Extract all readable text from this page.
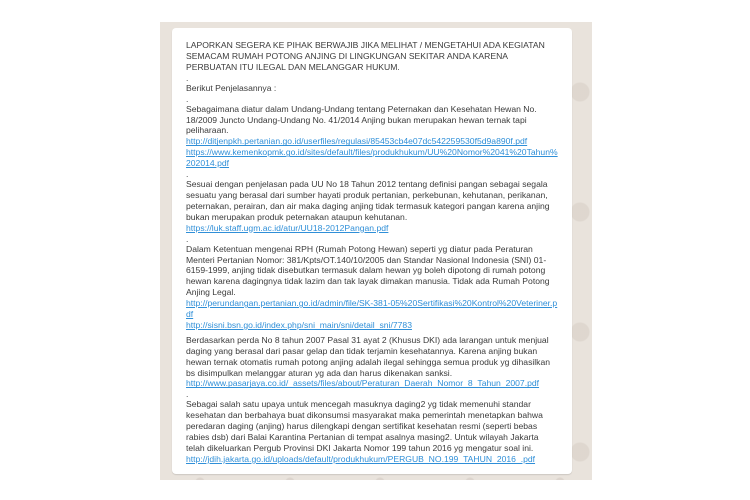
LAPORKAN SEGERA KE PIHAK BERWAJIB JIKA MELIHAT / MENGETAHUI ADA KEGIATAN SEMACAM RUMAH POTONG ANJING DI LINGKUNGAN SEKITAR ANDA KARENA PERBUATAN ITU ILEGAL DAN MELANGGAR HUKUM.

.

Berikut Penjelasannya :

.

Sebagaimana diatur dalam Undang-Undang tentang Peternakan dan Kesehatan Hewan No. 18/2009 Juncto Undang-Undang No. 41/2014 Anjing bukan merupakan hewan ternak tapi peliharaan.

http://ditjenpkh.pertanian.go.id/userfiles/regulasi/85453cb4e07dc542259530f5d9a890f.pdf
https://www.kemenkopmk.go.id/sites/default/files/produkhukum/UU%20Nomor%2041%20Tahun%202014.pdf

.

Sesuai dengan penjelasan pada UU No 18 Tahun 2012 tentang definisi pangan sebagai segala sesuatu yang berasal dari sumber hayati produk pertanian, perkebunan, kehutanan, perikanan, peternakan, perairan, dan air maka daging anjing tidak termasuk kategori pangan karena anjing bukan merupakan produk peternakan ataupun kehutanan.

https://luk.staff.ugm.ac.id/atur/UU18-2012Pangan.pdf

.

Dalam Ketentuan mengenai RPH (Rumah Potong Hewan) seperti yg diatur pada Peraturan Menteri Pertanian Nomor: 381/Kpts/OT.140/10/2005 dan Standar Nasional Indonesia (SNI) 01-6159-1999, anjing tidak disebutkan termasuk dalam hewan yg boleh dipotong di rumah potong hewan karena dagingnya tidak lazim dan tak layak dimakan manusia. Tidak ada Rumah Potong Anjing Legal.

http://perundangan.pertanian.go.id/admin/file/SK-381-05%20Sertifikasi%20Kontrol%20Veteriner.pdf
http://sisni.bsn.go.id/index.php/sni_main/sni/detail_sni/7783

Berdasarkan perda No 8 tahun 2007 Pasal 31 ayat 2 (Khusus DKI) ada larangan untuk menjual daging yang berasal dari pasar gelap dan tidak terjamin kesehatannya. Karena anjing bukan hewan ternak otomatis rumah potong anjing adalah ilegal sehingga semua produk yg dihasilkan bs disimpulkan melanggar aturan yg ada dan harus dikenakan sanksi.

http://www.pasarjaya.co.id/_assets/files/about/Peraturan_Daerah_Nomor_8_Tahun_2007.pdf

.

Sebagai salah satu upaya untuk mencegah masuknya daging2 yg tidak memenuhi standar kesehatan dan berbahaya buat dikonsumsi masyarakat maka pemerintah menetapkan bahwa peredaran daging (anjing) harus dilengkapi dengan sertifikat kesehatan resmi (seperti bebas rabies dsb) dari Balai Karantina Pertanian di tempat asalnya masing2. Untuk wilayah Jakarta telah dikeluarkan Pergub Provinsi DKI Jakarta Nomor 199 tahun 2016 yg mengatur soal ini.

http://jdih.jakarta.go.id/uploads/default/produkhukum/PERGUB_NO.199_TAHUN_2016_.pdf
